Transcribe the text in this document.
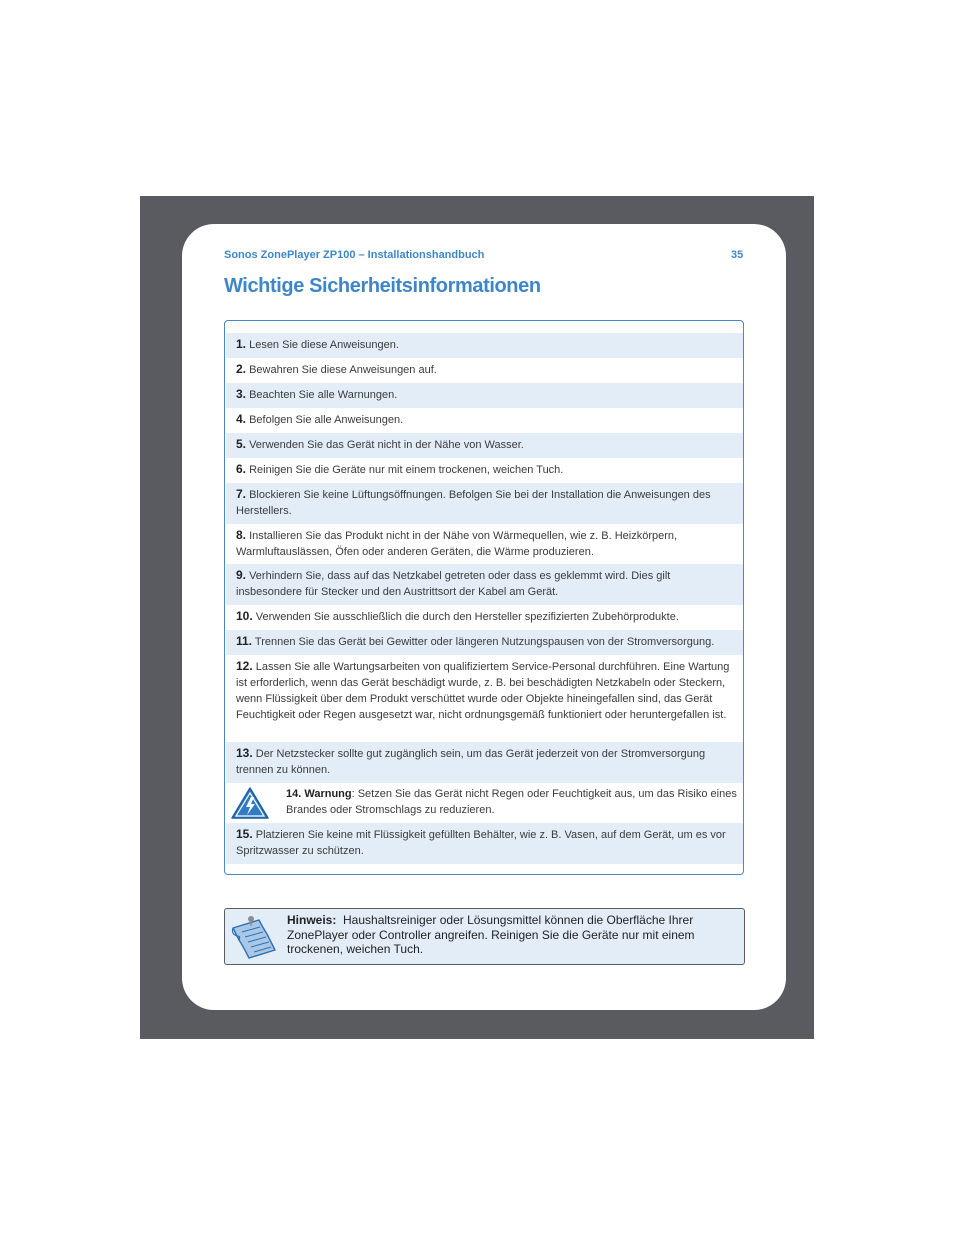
Sonos ZonePlayer ZP100 – Installationshandbuch	35
Wichtige Sicherheitsinformationen
1. Lesen Sie diese Anweisungen.
2. Bewahren Sie diese Anweisungen auf.
3. Beachten Sie alle Warnungen.
4. Befolgen Sie alle Anweisungen.
5. Verwenden Sie das Gerät nicht in der Nähe von Wasser.
6. Reinigen Sie die Geräte nur mit einem trockenen, weichen Tuch.
7. Blockieren Sie keine Lüftungsöffnungen. Befolgen Sie bei der Installation die Anweisungen des Herstellers.
8. Installieren Sie das Produkt nicht in der Nähe von Wärmequellen, wie z. B. Heizkörpern, Warmluftauslässen, Öfen oder anderen Geräten, die Wärme produzieren.
9. Verhindern Sie, dass auf das Netzkabel getreten oder dass es geklemmt wird. Dies gilt insbesondere für Stecker und den Austrittsort der Kabel am Gerät.
10. Verwenden Sie ausschließlich die durch den Hersteller spezifizierten Zubehörprodukte.
11. Trennen Sie das Gerät bei Gewitter oder längeren Nutzungspausen von der Stromversorgung.
12. Lassen Sie alle Wartungsarbeiten von qualifiziertem Service-Personal durchführen. Eine Wartung ist erforderlich, wenn das Gerät beschädigt wurde, z. B. bei beschädigten Netzkabeln oder Steckern, wenn Flüssigkeit über dem Produkt verschüttet wurde oder Objekte hineingefallen sind, das Gerät Feuchtigkeit oder Regen ausgesetzt war, nicht ordnungsgemäß funktioniert oder heruntergefallen ist.
13. Der Netzstecker sollte gut zugänglich sein, um das Gerät jederzeit von der Stromversorgung trennen zu können.
14. Warnung: Setzen Sie das Gerät nicht Regen oder Feuchtigkeit aus, um das Risiko eines Brandes oder Stromschlags zu reduzieren.
15. Platzieren Sie keine mit Flüssigkeit gefüllten Behälter, wie z. B. Vasen, auf dem Gerät, um es vor Spritzwasser zu schützen.
Hinweis: Haushaltsreiniger oder Lösungsmittel können die Oberfläche Ihrer ZonePlayer oder Controller angreifen. Reinigen Sie die Geräte nur mit einem trockenen, weichen Tuch.
